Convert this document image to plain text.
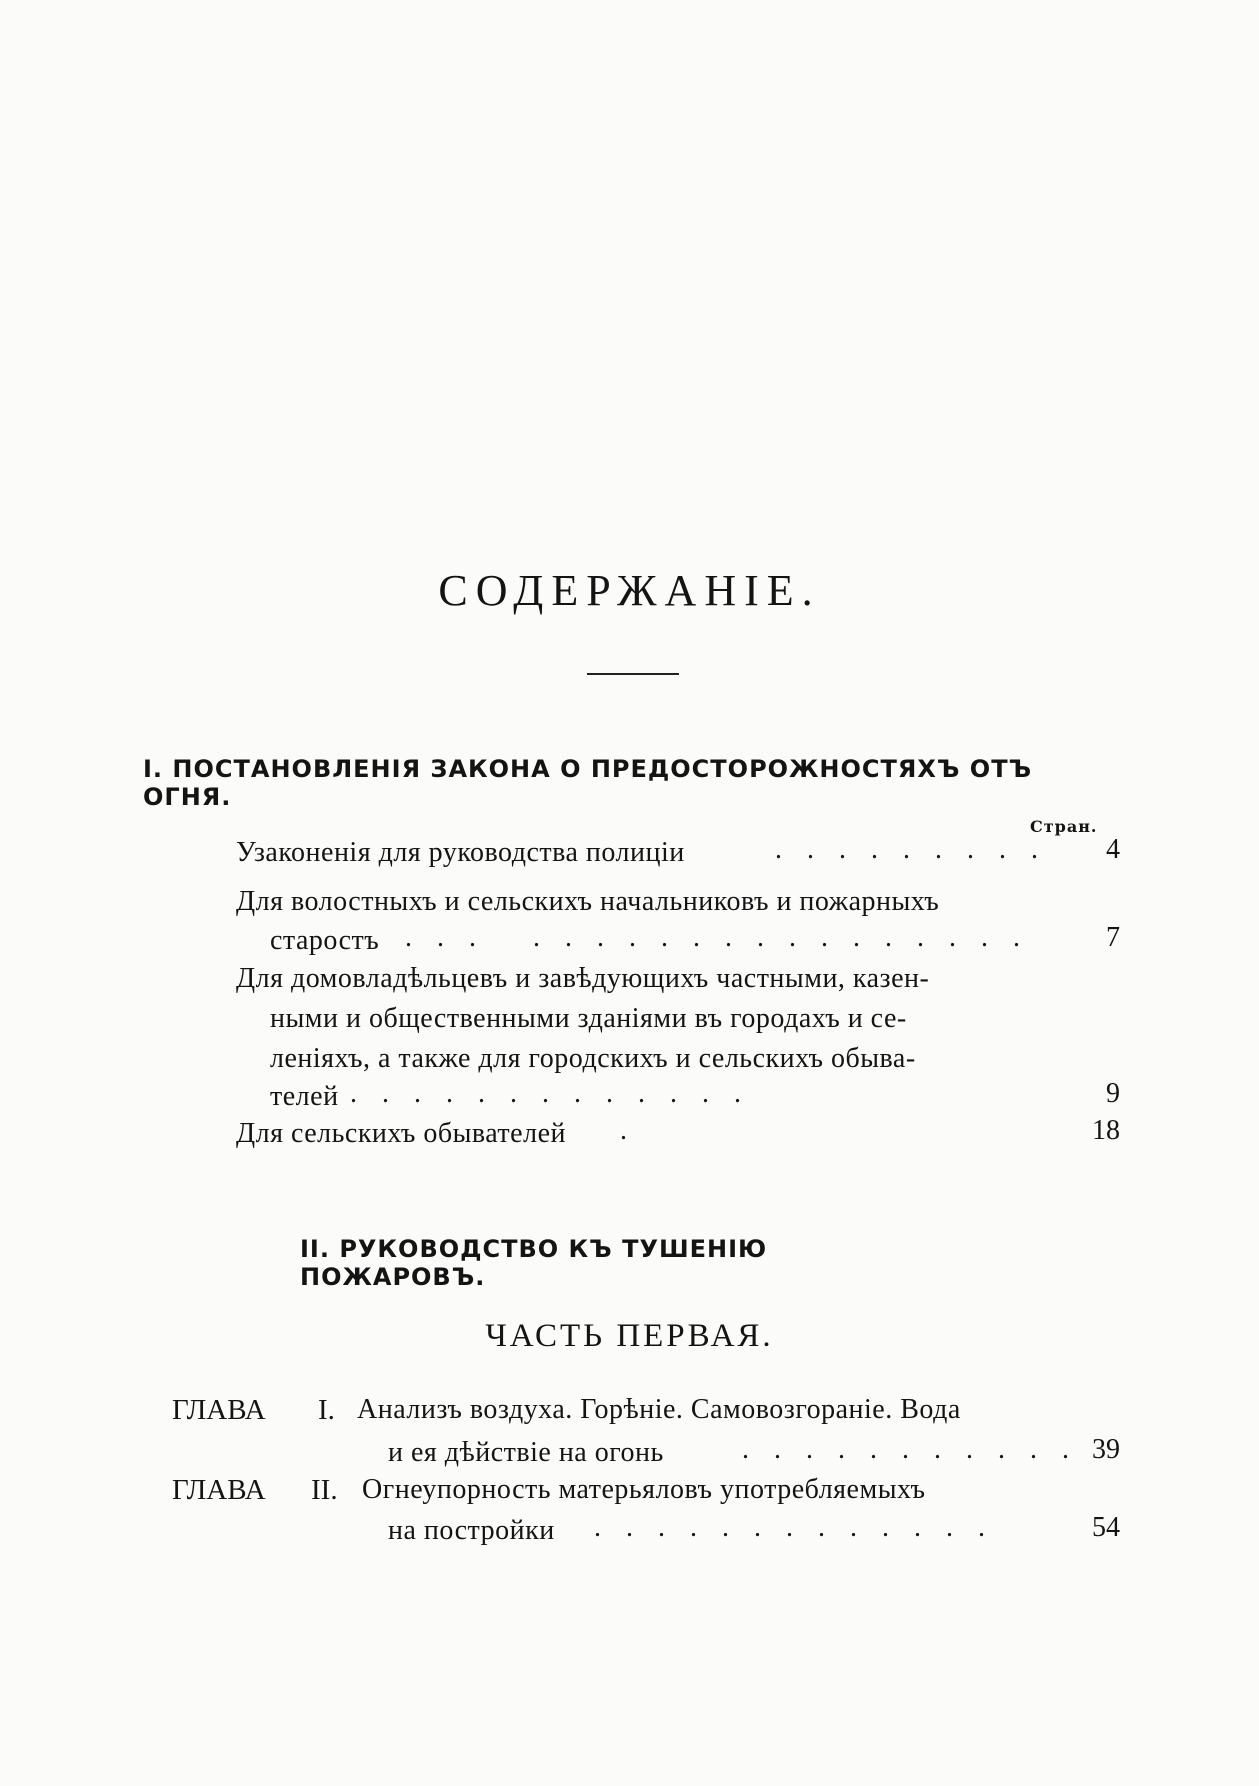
СОДЕРЖАНІЕ.
I. ПОСТАНОВЛЕНІЯ ЗАКОНА О ПРЕДОСТОРОЖНОСТЯХЪ ОТЪ ОГНЯ.
Стран.
Узаконенія для руководства полиціи	. . . . . . . . .	4
Для волостныхъ и сельскихъ начальниковъ и пожарныхъ
старостъ . . .   . . . . . . . . . . . . . . . .	7
Для домовладѣльцевъ и завѣдующихъ частными, казен-
ными и общественными зданіями въ городахъ и се-
леніяхъ, а также для городскихъ и сельскихъ обыва-
телей . . . . . . . . . . . . .	9
Для сельскихъ обывателей .	18
II. РУКОВОДСТВО КЪ ТУШЕНІЮ ПОЖАРОВЪ.
ЧАСТЬ ПЕРВАЯ.
ГЛАВА I. Анализъ воздуха. Горѣніе. Самовозгораніе. Вода
и ея дѣйствіе на огонь	. . . . . . . . . . . 39
ГЛАВА II. Огнеупорность матерьяловъ употребляемыхъ
на постройки . . . . . . . . . . . . .	54
